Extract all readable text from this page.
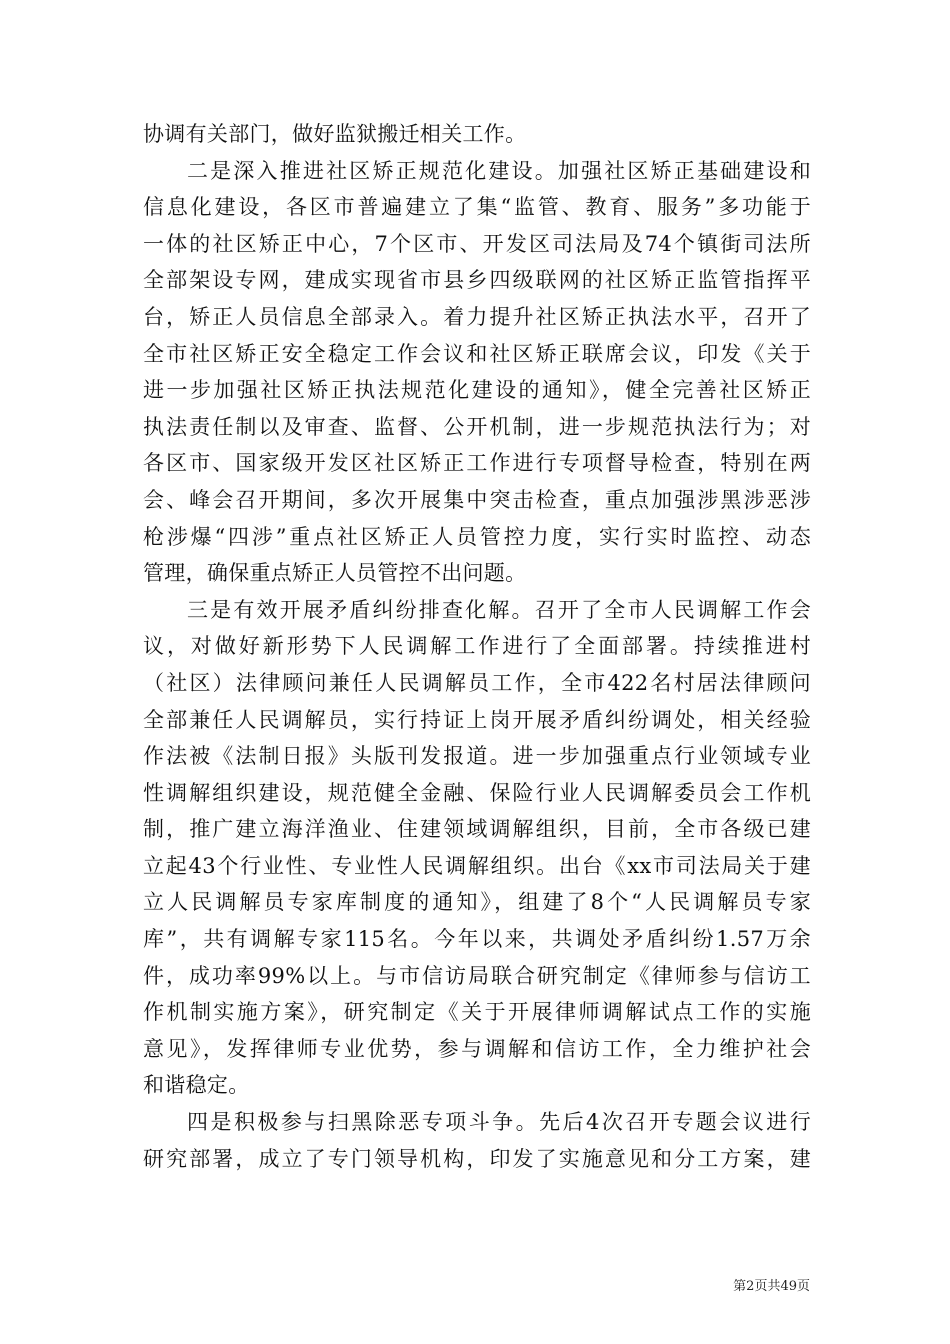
协调有关部门，做好监狱搬迁相关工作。
二是深入推进社区矫正规范化建设。加强社区矫正基础建设和
信息化建设，各区市普遍建立了集“监管、教育、服务”多功能于
一体的社区矫正中心，7个区市、开发区司法局及74个镇街司法所
全部架设专网，建成实现省市县乡四级联网的社区矫正监管指挥平
台，矫正人员信息全部录入。着力提升社区矫正执法水平，召开了
全市社区矫正安全稳定工作会议和社区矫正联席会议，印发《关于
进一步加强社区矫正执法规范化建设的通知》，健全完善社区矫正
执法责任制以及审查、监督、公开机制，进一步规范执法行为；对
各区市、国家级开发区社区矫正工作进行专项督导检查，特别在两
会、峰会召开期间，多次开展集中突击检查，重点加强涉黑涉恶涉
枪涉爆“四涉”重点社区矫正人员管控力度，实行实时监控、动态
管理，确保重点矫正人员管控不出问题。
三是有效开展矛盾纠纷排查化解。召开了全市人民调解工作会
议，对做好新形势下人民调解工作进行了全面部署。持续推进村
（社区）法律顾问兼任人民调解员工作，全市422名村居法律顾问
全部兼任人民调解员，实行持证上岗开展矛盾纠纷调处，相关经验
作法被《法制日报》头版刊发报道。进一步加强重点行业领域专业
性调解组织建设，规范健全金融、保险行业人民调解委员会工作机
制，推广建立海洋渔业、住建领域调解组织，目前，全市各级已建
立起43个行业性、专业性人民调解组织。出台《xx市司法局关于建
立人民调解员专家库制度的通知》，组建了8个“人民调解员专家
库”，共有调解专家115名。今年以来，共调处矛盾纠纷1.57万余
件，成功率99%以上。与市信访局联合研究制定《律师参与信访工
作机制实施方案》，研究制定《关于开展律师调解试点工作的实施
意见》，发挥律师专业优势，参与调解和信访工作，全力维护社会
和谐稳定。
四是积极参与扫黑除恶专项斗争。先后4次召开专题会议进行
研究部署，成立了专门领导机构，印发了实施意见和分工方案，建
第2页共49页
